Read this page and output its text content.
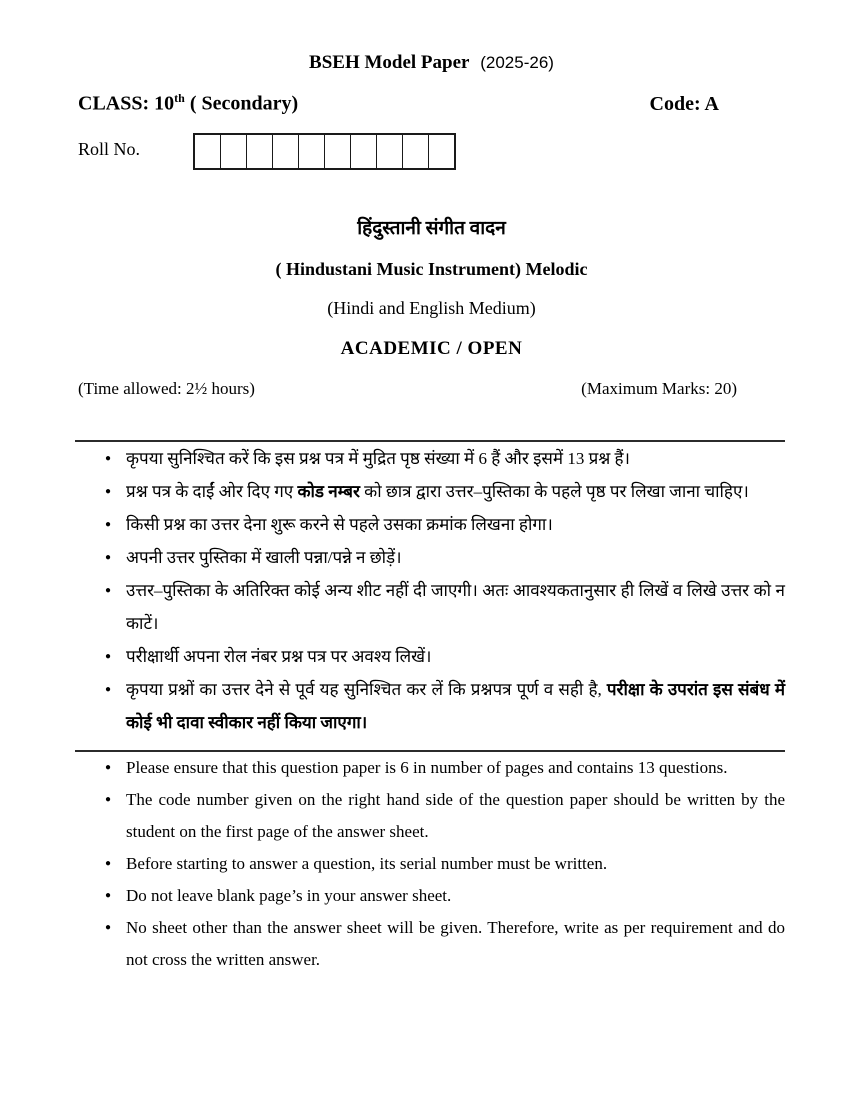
BSEH Model Paper (2025-26)
CLASS: 10th ( Secondary)	Code: A
Roll No.
हिंदुस्तानी संगीत वादन
( Hindustani Music Instrument) Melodic
(Hindi and English Medium)
ACADEMIC / OPEN
(Time allowed: 2½ hours)	(Maximum Marks: 20)
● कृपया सुनिश्चित करें कि इस प्रश्न पत्र में मुद्रित पृष्ठ संख्या में 6 हैं और इसमें 13 प्रश्न हैं।
● प्रश्न पत्र के दाईं ओर दिए गए कोड नम्बर को छात्र द्वारा उत्तर–पुस्तिका के पहले पृष्ठ पर लिखा जाना चाहिए।
● किसी प्रश्न का उत्तर देना शुरू करने से पहले उसका क्रमांक लिखना होगा।
● अपनी उत्तर पुस्तिका में खाली पन्ना/पन्ने न छोड़ें।
● उत्तर–पुस्तिका के अतिरिक्त कोई अन्य शीट नहीं दी जाएगी। अतः आवश्यकतानुसार ही लिखें व लिखे उत्तर को न काटें।
● परीक्षार्थी अपना रोल नंबर प्रश्न पत्र पर अवश्य लिखें।
● कृपया प्रश्नों का उत्तर देने से पूर्व यह सुनिश्चित कर लें कि प्रश्नपत्र पूर्ण व सही है, परीक्षा के उपरांत इस संबंध में कोई भी दावा स्वीकार नहीं किया जाएगा।
● Please ensure that this question paper is 6 in number of pages and contains 13 questions.
● The code number given on the right hand side of the question paper should be written by the student on the first page of the answer sheet.
● Before starting to answer a question, its serial number must be written.
● Do not leave blank page’s in your answer sheet.
● No sheet other than the answer sheet will be given. Therefore, write as per requirement and do not cross the written answer.
